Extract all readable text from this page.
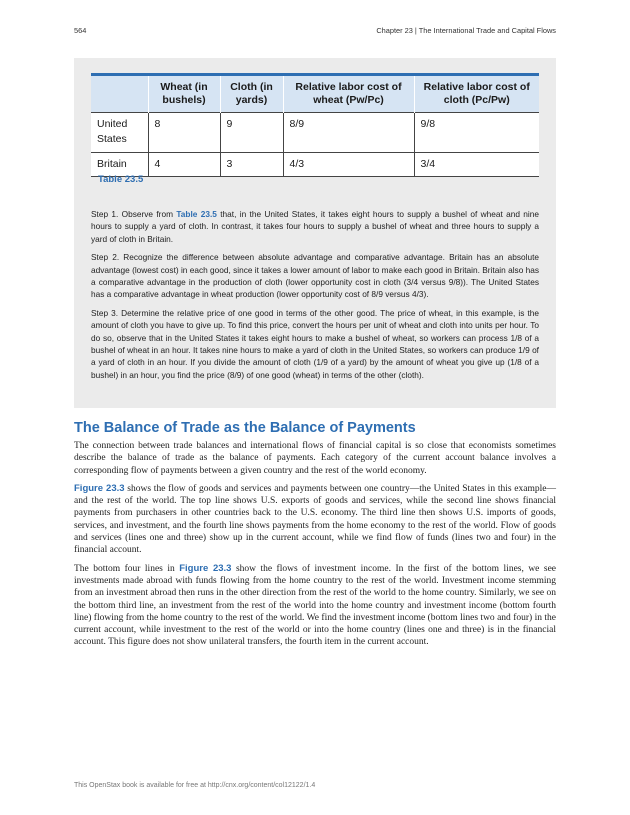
564	Chapter 23 | The International Trade and Capital Flows
	Wheat (in bushels)	Cloth (in yards)	Relative labor cost of wheat (Pw/Pc)	Relative labor cost of cloth (Pc/Pw)
United States	8	9	8/9	9/8
Britain	4	3	4/3	3/4
Table 23.5

Step 1. Observe from Table 23.5 that, in the United States, it takes eight hours to supply a bushel of wheat and nine hours to supply a yard of cloth. In contrast, it takes four hours to supply a bushel of wheat and three hours to supply a yard of cloth in Britain.

Step 2. Recognize the difference between absolute advantage and comparative advantage. Britain has an absolute advantage (lowest cost) in each good, since it takes a lower amount of labor to make each good in Britain. Britain also has a comparative advantage in the production of cloth (lower opportunity cost in cloth (3/4 versus 9/8)). The United States has a comparative advantage in wheat production (lower opportunity cost of 8/9 versus 4/3).

Step 3. Determine the relative price of one good in terms of the other good. The price of wheat, in this example, is the amount of cloth you have to give up. To find this price, convert the hours per unit of wheat and cloth into units per hour. To do so, observe that in the United States it takes eight hours to make a bushel of wheat, so workers can process 1/8 of a bushel of wheat in an hour. It takes nine hours to make a yard of cloth in the United States, so workers can produce 1/9 of a yard of cloth in an hour. If you divide the amount of cloth (1/9 of a yard) by the amount of wheat you give up (1/8 of a bushel) in an hour, you find the price (8/9) of one good (wheat) in terms of the other (cloth).

The Balance of Trade as the Balance of Payments

The connection between trade balances and international flows of financial capital is so close that economists sometimes describe the balance of trade as the balance of payments. Each category of the current account balance involves a corresponding flow of payments between a given country and the rest of the world economy.

Figure 23.3 shows the flow of goods and services and payments between one country—the United States in this example—and the rest of the world. The top line shows U.S. exports of goods and services, while the second line shows financial payments from purchasers in other countries back to the U.S. economy. The third line then shows U.S. imports of goods, services, and investment, and the fourth line shows payments from the home economy to the rest of the world. Flow of goods and services (lines one and three) show up in the current account, while we find flow of funds (lines two and four) in the financial account.

The bottom four lines in Figure 23.3 show the flows of investment income. In the first of the bottom lines, we see investments made abroad with funds flowing from the home country to the rest of the world. Investment income stemming from an investment abroad then runs in the other direction from the rest of the world to the home country. Similarly, we see on the bottom third line, an investment from the rest of the world into the home country and investment income (bottom fourth line) flowing from the home country to the rest of the world. We find the investment income (bottom lines two and four) in the current account, while investment to the rest of the world or into the home country (lines one and three) is in the financial account. This figure does not show unilateral transfers, the fourth item in the current account.

This OpenStax book is available for free at http://cnx.org/content/col12122/1.4
